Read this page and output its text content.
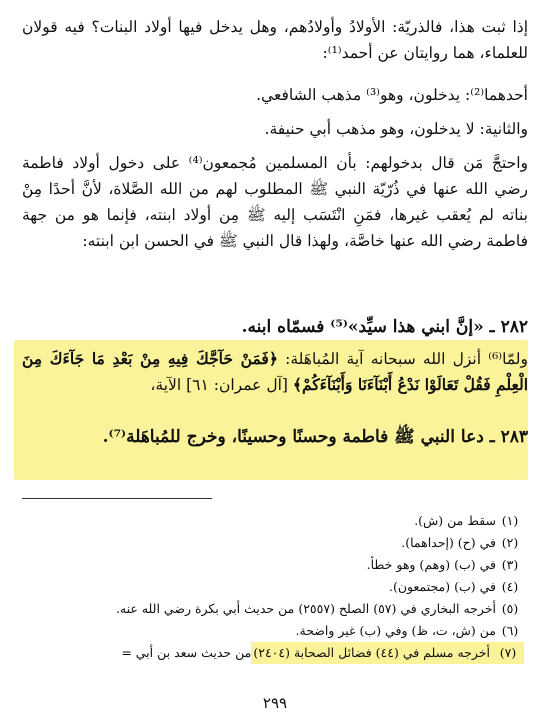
إذا ثبت هذا، فالذريّة: الأولادُ وأولادُهم، وهل يدخل فيها أولاد البنات؟ فيه قولان للعلماء، هما روايتان عن أحمد⁽¹⁾:

أحدهما⁽²⁾: يدخلون، وهو⁽³⁾ مذهب الشافعي.

والثانية: لا يدخلون، وهو مذهب أبي حنيفة.

واحتجَّ مَن قال بدخولهم: بأن المسلمين مُجمعون⁽⁴⁾ على دخول أولاد فاطمة رضي الله عنها في ذُرّيّة النبي ﷺ المطلوب لهم من الله الصَّلاة، لأنَّ أحدًا مِنْ بناته لم يُعقب غيرها، فمَنِ انْتَسَب إليه ﷺ مِن أولاد ابنته، فإنما هو من جهة فاطمة رضي الله عنها خاصَّة، ولهذا قال النبي ﷺ في الحسن ابن ابنته:

٢٨٢ ـ «إنَّ ابني هذا سيِّد»⁽⁵⁾ فسمّاه ابنه.

ولمّا⁽⁶⁾ أنزل الله سبحانه آية المُباهَلة: ﴿فَمَنْ حَآجَّكَ فِيهِ مِنْ بَعْدِ مَا جَآءَكَ مِنَ الْعِلْمِ فَقُلْ تَعَالَوْا نَدْعُ أَبْنَآءَنَا وَأَبْنَآءَكُمْ﴾ [آل عمران: ٦١] الآية،

٢٨٣ ـ دعا النبي ﷺ فاطمة وحسنًا وحسينًا، وخرج للمُباهَلة⁽⁷⁾.

(١)
سقط من (ش).
(٢)
في (ح) (إحداهما).
(٣)
في (ب) (وهم) وهو خطأ.
(٤)
في (ب) (مجتمعون).
(٥)
أخرجه البخاري في (٥٧) الصلح (٢٥٥٧) من حديث أبي بكرة رضي الله عنه.
(٦)
من (ش، ت، ظ) وفي (ب) غير واضحة.
(٧)
أخرجه مسلم في (٤٤) فضائل الصحابة (٢٤٠٤)
من حديث سعد بن أبي =
٢٩٩
